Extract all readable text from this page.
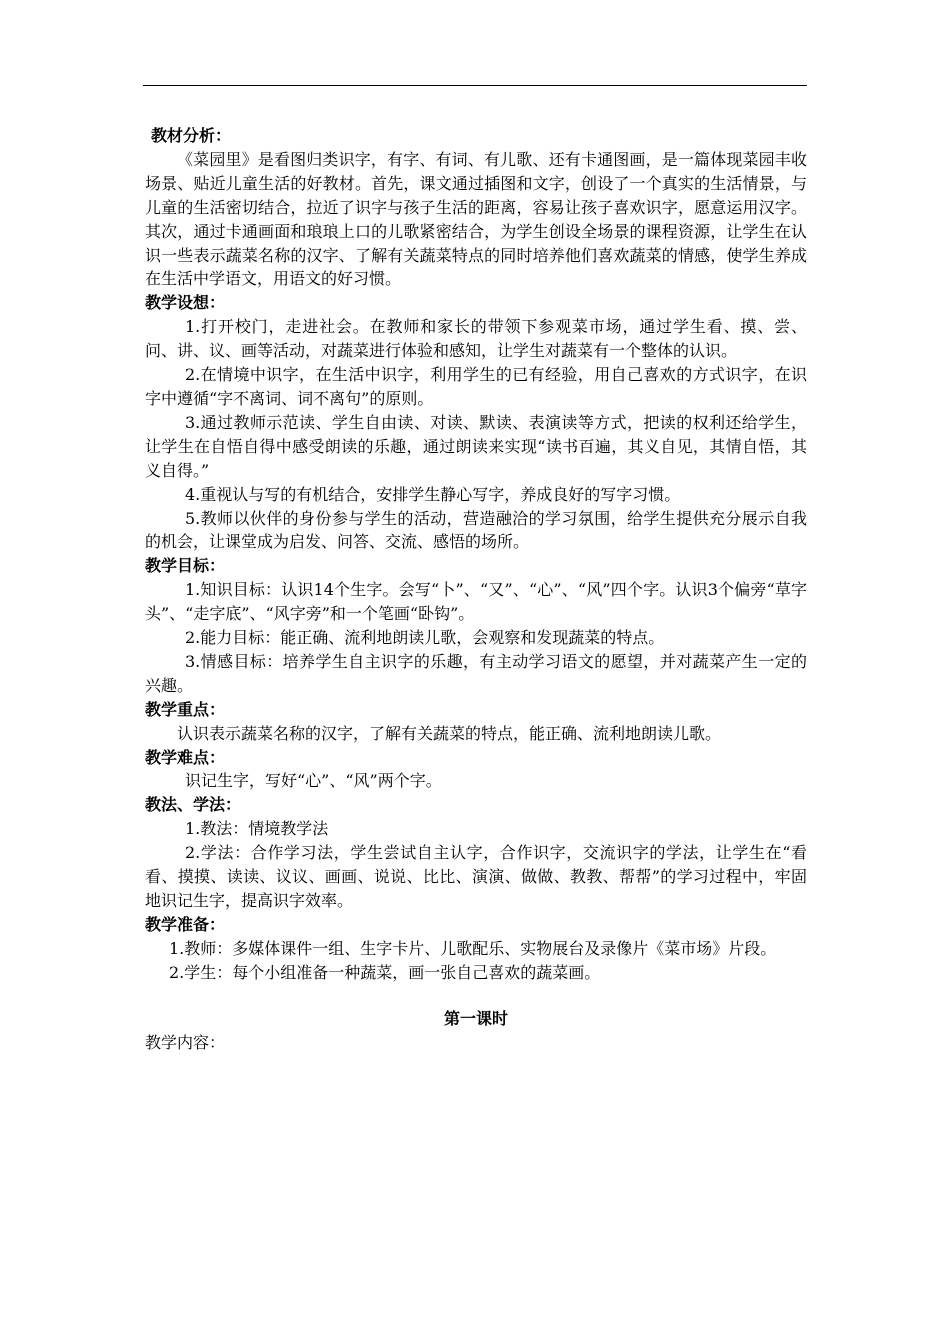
教材分析：

《菜园里》是看图归类识字，有字、有词、有儿歌、还有卡通图画，是一篇体现菜园丰收场景、贴近儿童生活的好教材。首先，课文通过插图和文字，创设了一个真实的生活情景，与儿童的生活密切结合，拉近了识字与孩子生活的距离，容易让孩子喜欢识字，愿意运用汉字。其次，通过卡通画面和琅琅上口的儿歌紧密结合，为学生创设全场景的课程资源，让学生在认识一些表示蔬菜名称的汉字、了解有关蔬菜特点的同时培养他们喜欢蔬菜的情感，使学生养成在生活中学语文，用语文的好习惯。

教学设想：

1.打开校门，走进社会。在教师和家长的带领下参观菜市场，通过学生看、摸、尝、问、讲、议、画等活动，对蔬菜进行体验和感知，让学生对蔬菜有一个整体的认识。

2.在情境中识字，在生活中识字，利用学生的已有经验，用自己喜欢的方式识字，在识字中遵循“字不离词、词不离句”的原则。

3.通过教师示范读、学生自由读、对读、默读、表演读等方式，把读的权利还给学生，让学生在自悟自得中感受朗读的乐趣，通过朗读来实现“读书百遍，其义自见，其情自悟，其义自得。”

4.重视认与写的有机结合，安排学生静心写字，养成良好的写字习惯。

5.教师以伙伴的身份参与学生的活动，营造融洽的学习氛围，给学生提供充分展示自我的机会，让课堂成为启发、问答、交流、感悟的场所。

教学目标：

1.知识目标：认识14个生字。会写“卜”、“又”、“心”、“风”四个字。认识3个偏旁“草字头”、“走字底”、“风字旁”和一个笔画“卧钩”。

2.能力目标：能正确、流利地朗读儿歌，会观察和发现蔬菜的特点。

3.情感目标：培养学生自主识字的乐趣，有主动学习语文的愿望，并对蔬菜产生一定的兴趣。

教学重点：

认识表示蔬菜名称的汉字，了解有关蔬菜的特点，能正确、流利地朗读儿歌。

教学难点：

识记生字，写好“心”、“风”两个字。

教法、学法：

1.教法：情境教学法

2.学法：合作学习法，学生尝试自主认字，合作识字，交流识字的学法，让学生在“看看、摸摸、读读、议议、画画、说说、比比、演演、做做、教教、帮帮”的学习过程中，牢固地识记生字，提高识字效率。

教学准备：

1.教师：多媒体课件一组、生字卡片、儿歌配乐、实物展台及录像片《菜市场》片段。

2.学生：每个小组准备一种蔬菜，画一张自己喜欢的蔬菜画。

第一课时

教学内容：
